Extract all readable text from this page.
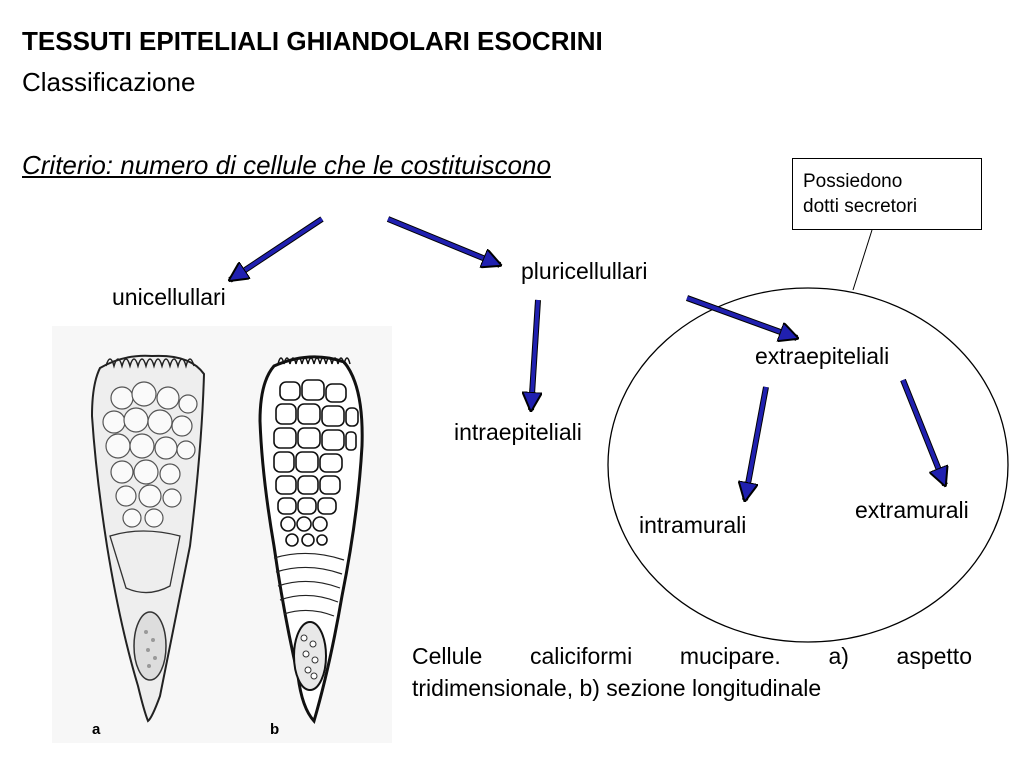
TESSUTI EPITELIALI GHIANDOLARI ESOCRINI
Classificazione
Criterio: numero di cellule che le costituiscono
unicellullari
pluricellullari
intraepiteliali
extraepiteliali
intramurali
extramurali
Possiedono
dotti secretori
a	b
Cellule caliciformi mucipare. a) aspetto
tridimensionale, b) sezione longitudinale
